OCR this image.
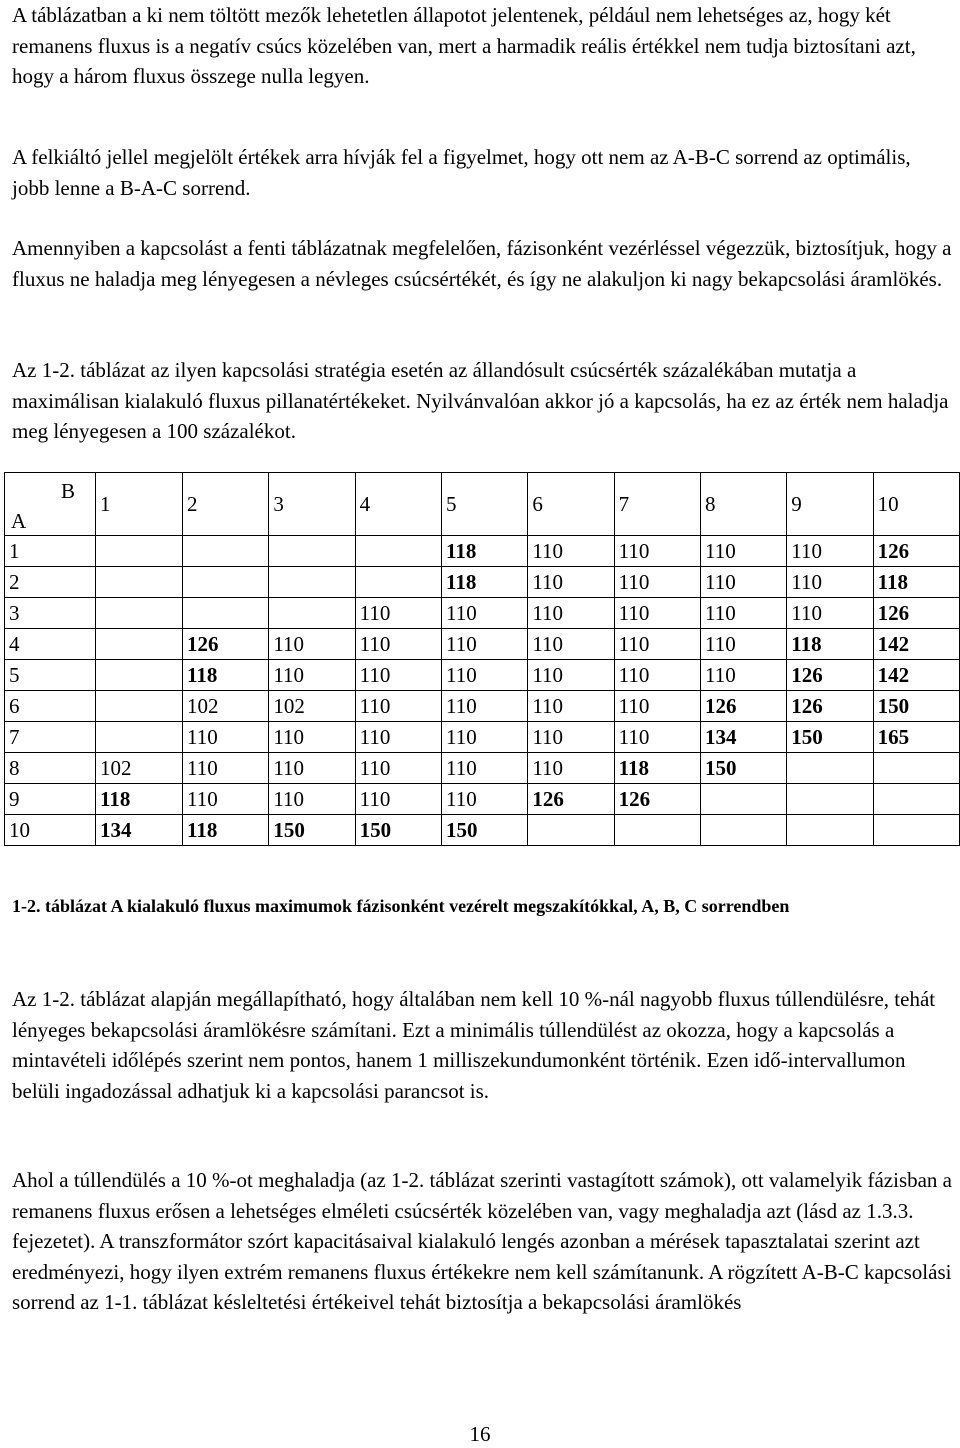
A táblázatban a ki nem töltött mezők lehetetlen állapotot jelentenek, például nem lehetséges az, hogy két remanens fluxus is a negatív csúcs közelében van, mert a harmadik reális értékkel nem tudja biztosítani azt, hogy a három fluxus összege nulla legyen.

A felkiáltó jellel megjelölt értékek arra hívják fel a figyelmet, hogy ott nem az A-B-C sorrend az optimális, jobb lenne a B-A-C sorrend.

Amennyiben a kapcsolást a fenti táblázatnak megfelelően, fázisonként vezérléssel végezzük, biztosítjuk, hogy a fluxus ne haladja meg lényegesen a névleges csúcsértékét, és így ne alakuljon ki nagy bekapcsolási áramlökés.

Az 1-2. táblázat az ilyen kapcsolási stratégia esetén az állandósult csúcsérték százalékában mutatja a maximálisan kialakuló fluxus pillanatértékeket. Nyilvánvalóan akkor jó a kapcsolás, ha ez az érték nem haladja meg lényegesen a 100 százalékot.

B
A	1	2	3	4	5	6	7	8	9	10
1					118	110	110	110	110	126
2					118	110	110	110	110	118
3				110	110	110	110	110	110	126
4		126	110	110	110	110	110	110	118	142
5		118	110	110	110	110	110	110	126	142
6		102	102	110	110	110	110	126	126	150
7		110	110	110	110	110	110	134	150	165
8	102	110	110	110	110	110	118	150		
9	118	110	110	110	110	126	126			
10	134	118	150	150	150					
1-2. táblázat A kialakuló fluxus maximumok fázisonként vezérelt megszakítókkal, A, B, C sorrendben

Az 1-2. táblázat alapján megállapítható, hogy általában nem kell 10 %-nál nagyobb fluxus túllendülésre, tehát lényeges bekapcsolási áramlökésre számítani. Ezt a minimális túllendülést az okozza, hogy a kapcsolás a mintavételi időlépés szerint nem pontos, hanem 1 milliszekundumonként történik. Ezen idő-intervallumon belüli ingadozással adhatjuk ki a kapcsolási parancsot is.

Ahol a túllendülés a 10 %-ot meghaladja (az 1-2. táblázat szerinti vastagított számok), ott valamelyik fázisban a remanens fluxus erősen a lehetséges elméleti csúcsérték közelében van, vagy meghaladja azt (lásd az 1.3.3. fejezetet). A transzformátor szórt kapacitásaival kialakuló lengés azonban a mérések tapasztalatai szerint azt eredményezi, hogy ilyen extrém remanens fluxus értékekre nem kell számítanunk. A rögzített A-B-C kapcsolási sorrend az 1-1. táblázat késleltetési értékeivel tehát biztosítja a bekapcsolási áramlökés

16
